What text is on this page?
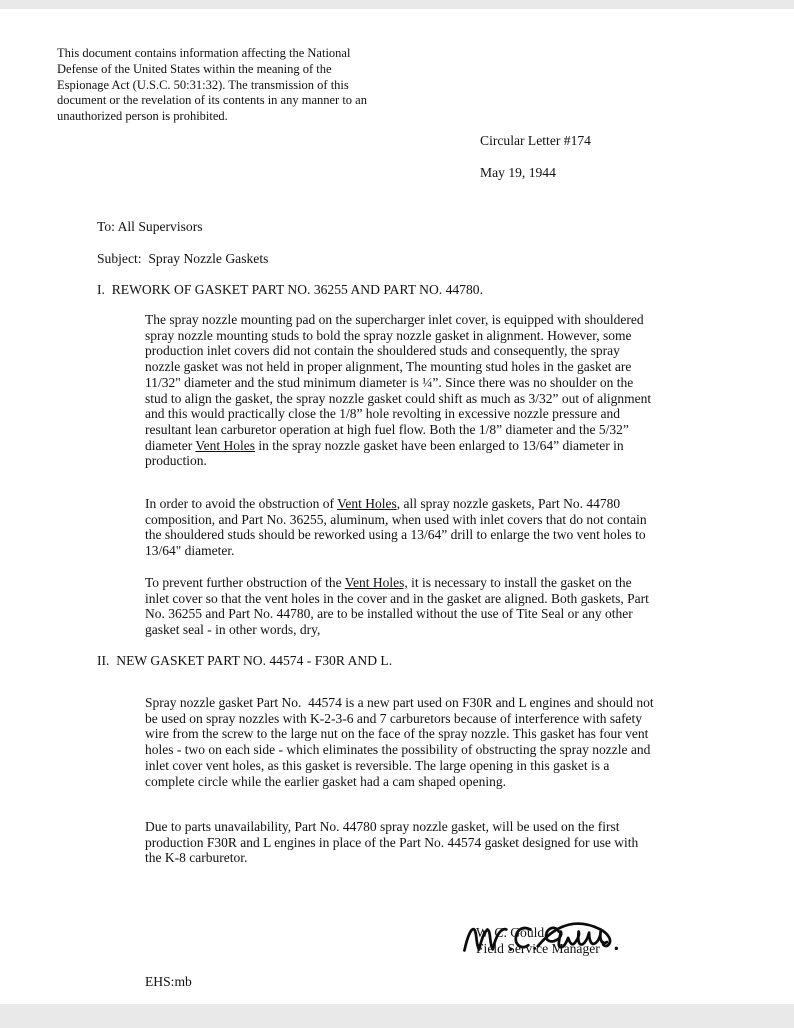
This document contains information affecting the National Defense of the United States within the meaning of the Espionage Act (U.S.C. 50:31:32). The transmission of this document or the revelation of its contents in any manner to an unauthorized person is prohibited.
Circular Letter #174
May 19, 1944
To: All Supervisors
Subject:  Spray Nozzle Gaskets
I.  REWORK OF GASKET PART NO. 36255 AND PART NO. 44780.
The spray nozzle mounting pad on the supercharger inlet cover, is equipped with shouldered spray nozzle mounting studs to bold the spray nozzle gasket in alignment. However, some production inlet covers did not contain the shouldered studs and consequently, the spray nozzle gasket was not held in proper alignment, The mounting stud holes in the gasket are 11/32" diameter and the stud minimum diameter is ¼”. Since there was no shoulder on the stud to align the gasket, the spray nozzle gasket could shift as much as 3/32” out of alignment and this would practically close the 1/8” hole revolting in excessive nozzle pressure and resultant lean carburetor operation at high fuel flow. Both the 1/8” diameter and the 5/32” diameter Vent Holes in the spray nozzle gasket have been enlarged to 13/64” diameter in production.
In order to avoid the obstruction of Vent Holes, all spray nozzle gaskets, Part No. 44780 composition, and Part No. 36255, aluminum, when used with inlet covers that do not contain the shouldered studs should be reworked using a 13/64” drill to enlarge the two vent holes to 13/64" diameter.
To prevent further obstruction of the Vent Holes, it is necessary to install the gasket on the inlet cover so that the vent holes in the cover and in the gasket are aligned. Both gaskets, Part No. 36255 and Part No. 44780, are to be installed without the use of Tite Seal or any other gasket seal - in other words, dry,
II.  NEW GASKET PART NO. 44574 - F30R AND L.
Spray nozzle gasket Part No.  44574 is a new part used on F30R and L engines and should not be used on spray nozzles with K-2-3-6 and 7 carburetors because of interference with safety wire from the screw to the large nut on the face of the spray nozzle. This gasket has four vent holes - two on each side - which eliminates the possibility of obstructing the spray nozzle and inlet cover vent holes, as this gasket is reversible. The large opening in this gasket is a complete circle while the earlier gasket had a cam shaped opening.
Due to parts unavailability, Part No. 44780 spray nozzle gasket, will be used on the first production F30R and L engines in place of the Part No. 44574 gasket designed for use with the K-8 carburetor.

W. C. Gould
Field Service Manager
EHS:mb
